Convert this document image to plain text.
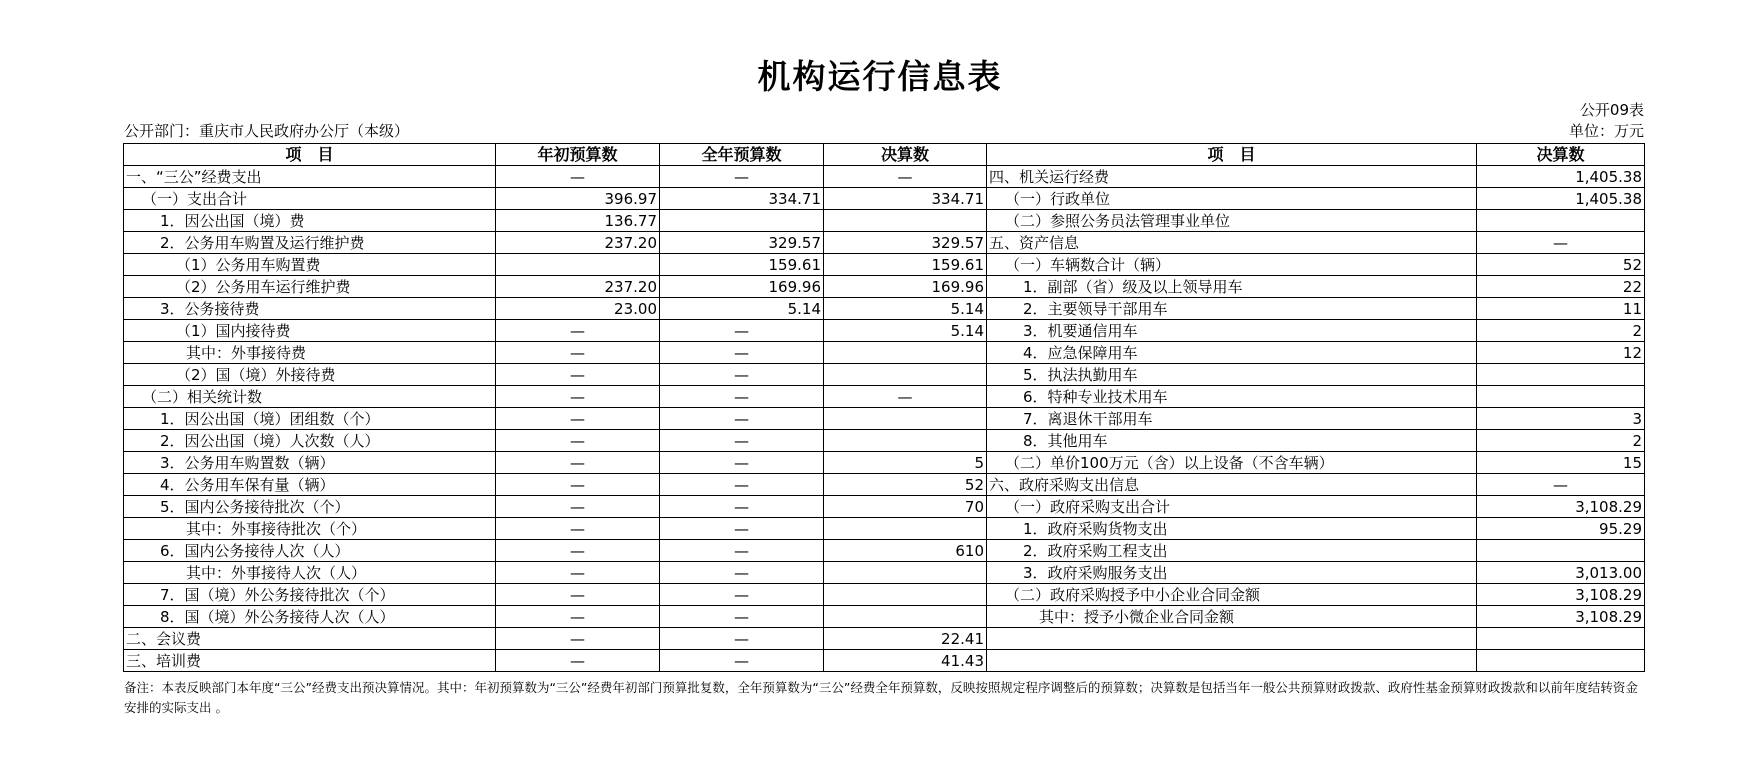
机构运行信息表
公开09表
公开部门：重庆市人民政府办公厅（本级）	单位：万元
项　目	年初预算数	全年预算数	决算数	项　目	决算数
一、“三公”经费支出	—	—	—	四、机关运行经费	1,405.38
（一）支出合计	396.97	334.71	334.71	（一）行政单位	1,405.38
1．因公出国（境）费	136.77			（二）参照公务员法管理事业单位	
2．公务用车购置及运行维护费	237.20	329.57	329.57	五、资产信息	—
（1）公务用车购置费		159.61	159.61	（一）车辆数合计（辆）	52
（2）公务用车运行维护费	237.20	169.96	169.96	1．副部（省）级及以上领导用车	22
3．公务接待费	23.00	5.14	5.14	2．主要领导干部用车	11
（1）国内接待费	—	—	5.14	3．机要通信用车	2
其中：外事接待费	—	—		4．应急保障用车	12
（2）国（境）外接待费	—	—		5．执法执勤用车	
（二）相关统计数	—	—	—	6．特种专业技术用车	
1．因公出国（境）团组数（个）	—	—		7．离退休干部用车	3
2．因公出国（境）人次数（人）	—	—		8．其他用车	2
3．公务用车购置数（辆）	—	—	5	（二）单价100万元（含）以上设备（不含车辆）	15
4．公务用车保有量（辆）	—	—	52	六、政府采购支出信息	—
5．国内公务接待批次（个）	—	—	70	（一）政府采购支出合计	3,108.29
其中：外事接待批次（个）	—	—		1．政府采购货物支出	95.29
6．国内公务接待人次（人）	—	—	610	2．政府采购工程支出	
其中：外事接待人次（人）	—	—		3．政府采购服务支出	3,013.00
7．国（境）外公务接待批次（个）	—	—		（二）政府采购授予中小企业合同金额	3,108.29
8．国（境）外公务接待人次（人）	—	—		其中：授予小微企业合同金额	3,108.29
二、会议费	—	—	22.41		
三、培训费	—	—	41.43		
备注：本表反映部门本年度“三公”经费支出预决算情况。其中：年初预算数为“三公”经费年初部门预算批复数，全年预算数为“三公”经费全年预算数，反映按照规定程序调整后的预算数；决算数是包括当年一般公共预算财政拨款、政府性基金预算财政拨款和以前年度结转资金安排的实际支出 。
